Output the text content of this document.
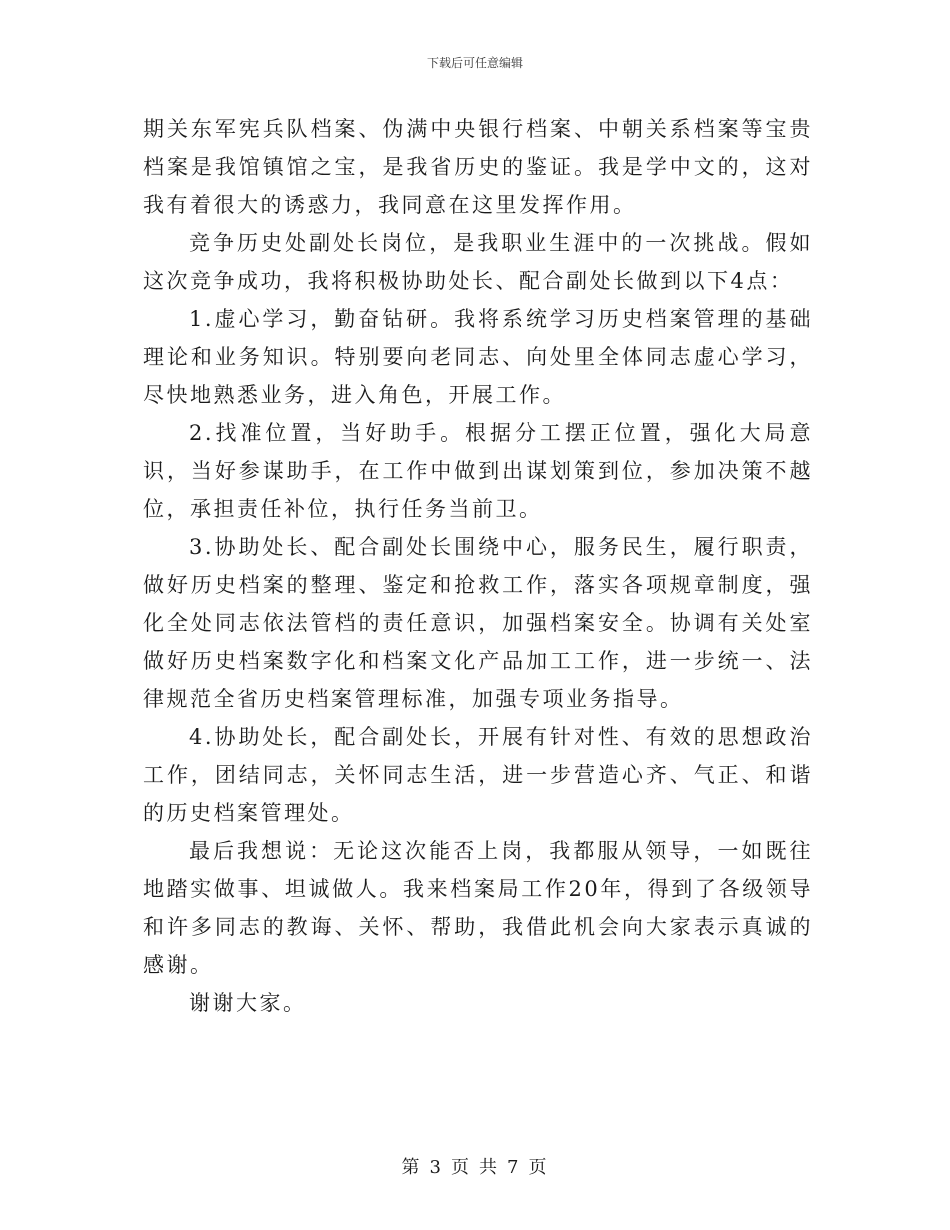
下载后可任意编辑

期关东军宪兵队档案、伪满中央银行档案、中朝关系档案等宝贵档案是我馆镇馆之宝，是我省历史的鉴证。我是学中文的，这对我有着很大的诱惑力，我同意在这里发挥作用。

竞争历史处副处长岗位，是我职业生涯中的一次挑战。假如这次竞争成功，我将积极协助处长、配合副处长做到以下4点：

1.虚心学习，勤奋钻研。我将系统学习历史档案管理的基础理论和业务知识。特别要向老同志、向处里全体同志虚心学习，尽快地熟悉业务，进入角色，开展工作。

2.找准位置，当好助手。根据分工摆正位置，强化大局意识，当好参谋助手，在工作中做到出谋划策到位，参加决策不越位，承担责任补位，执行任务当前卫。

3.协助处长、配合副处长围绕中心，服务民生，履行职责，做好历史档案的整理、鉴定和抢救工作，落实各项规章制度，强化全处同志依法管档的责任意识，加强档案安全。协调有关处室做好历史档案数字化和档案文化产品加工工作，进一步统一、法律规范全省历史档案管理标准，加强专项业务指导。

4.协助处长，配合副处长，开展有针对性、有效的思想政治工作，团结同志，关怀同志生活，进一步营造心齐、气正、和谐的历史档案管理处。

最后我想说：无论这次能否上岗，我都服从领导，一如既往地踏实做事、坦诚做人。我来档案局工作20年，得到了各级领导和许多同志的教诲、关怀、帮助，我借此机会向大家表示真诚的感谢。

谢谢大家。

第 3 页 共 7 页
